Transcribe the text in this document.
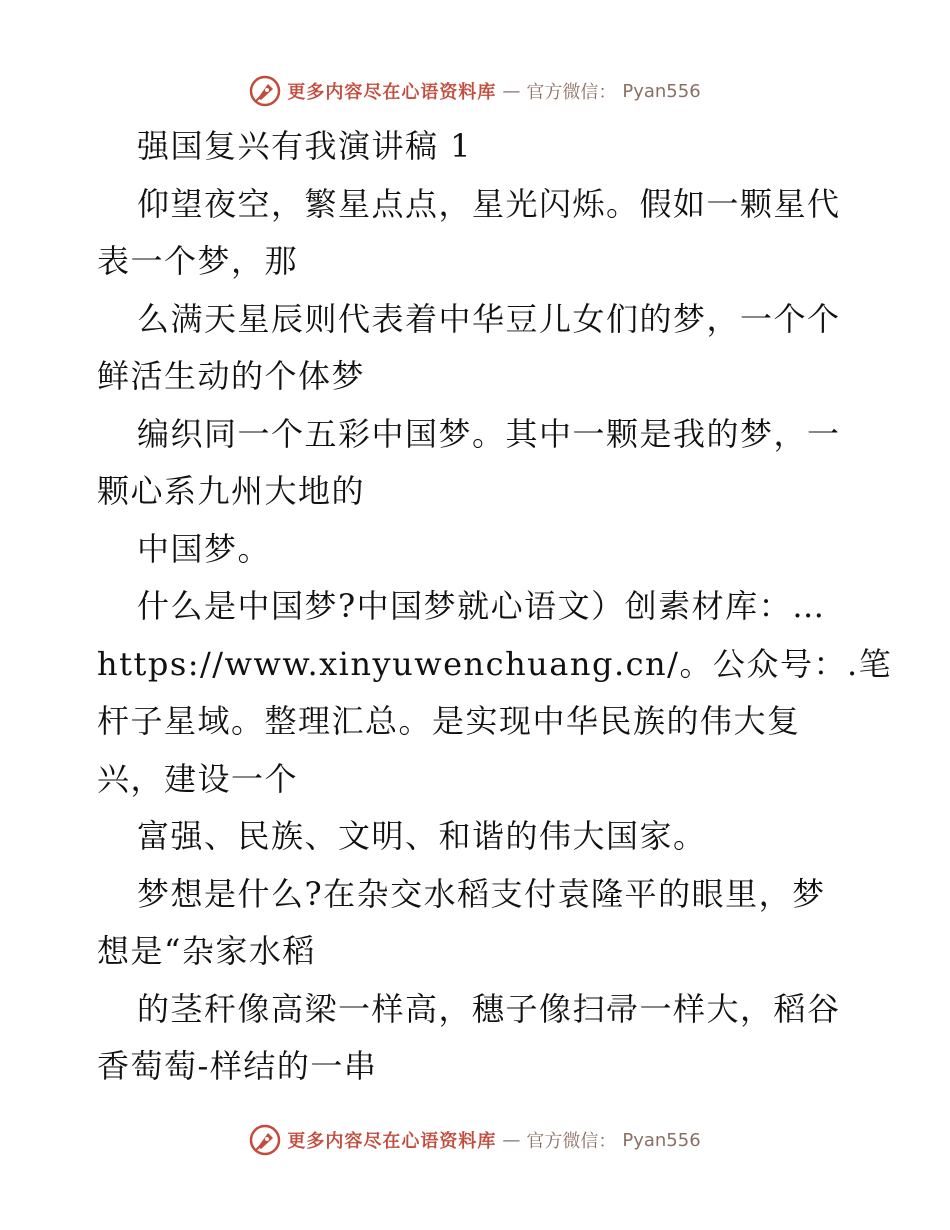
更多内容尽在心语资料库 — 官方微信： Pyan556
强国复兴有我演讲稿 1
仰望夜空，繁星点点，星光闪烁。假如一颗星代
表一个梦，那
么满天星辰则代表着中华豆儿女们的梦，一个个
鲜活生动的个体梦
编织同一个五彩中国梦。其中一颗是我的梦，一
颗心系九州大地的
中国梦。
什么是中国梦?中国梦就心语文）创素材库：…
https://www.xinyuwenchuang.cn/。公众号：.笔
杆子星域。整理汇总。是实现中华民族的伟大复
兴，建设一个
富强、民族、文明、和谐的伟大国家。
梦想是什么?在杂交水稻支付袁隆平的眼里，梦
想是“杂家水稻
的茎秆像高梁一样高，穗子像扫帚一样大，稻谷
香萄萄-样结的一串
更多内容尽在心语资料库 — 官方微信： Pyan556
